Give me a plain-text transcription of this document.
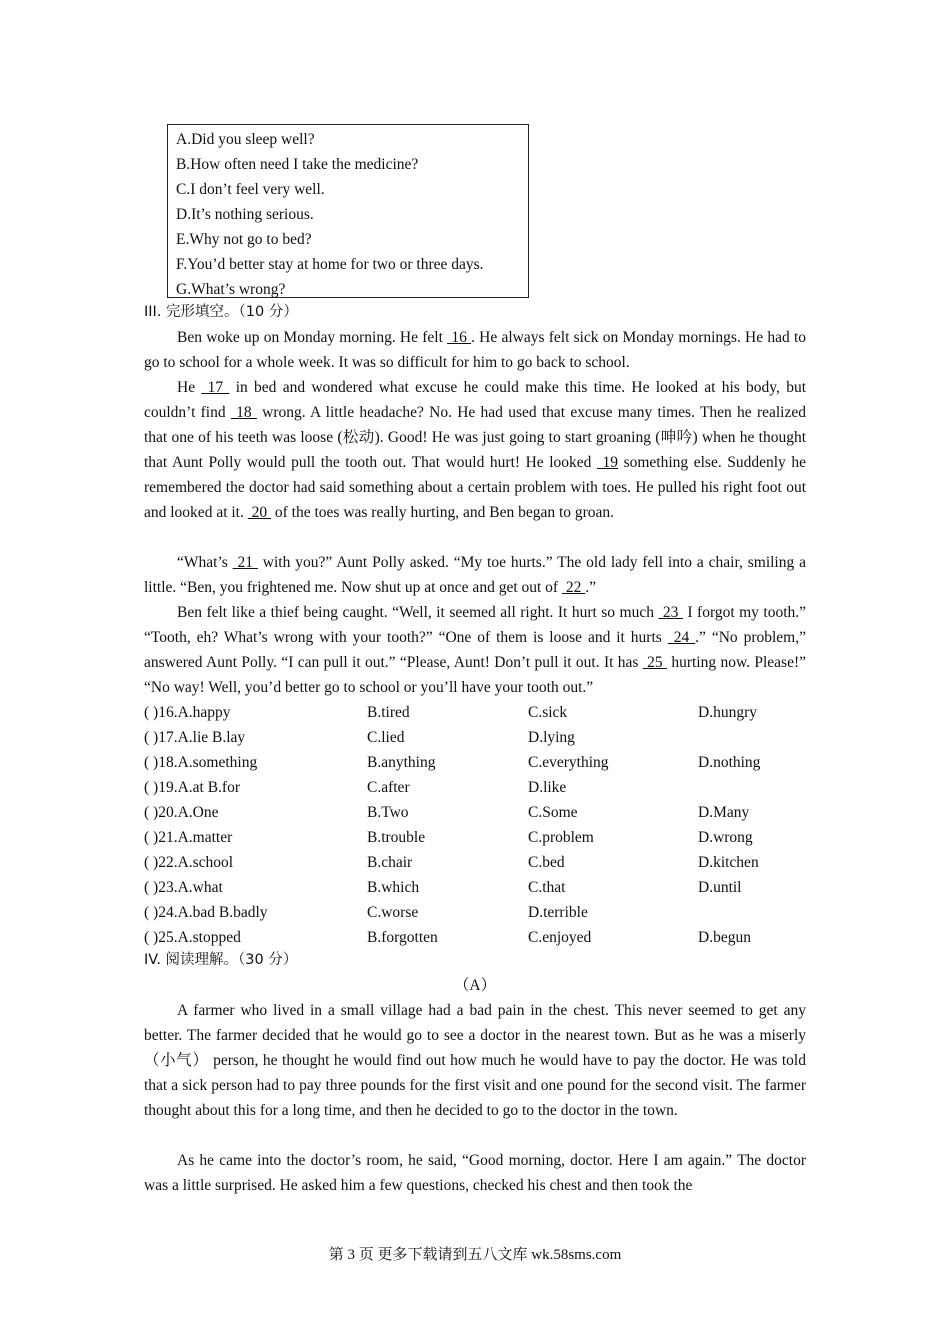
A.Did you sleep well?
B.How often need I take the medicine?
C.I don’t feel very well.
D.It’s nothing serious.
E.Why not go to bed?
F.You’d better stay at home for two or three days.
G.What’s wrong?
III. 完形填空。（10 分）

Ben woke up on Monday morning. He felt  16 . He always felt sick on Monday mornings. He had to go to school for a whole week. It was so difficult for him to go back to school.

He  17  in bed and wondered what excuse he could make this time. He looked at his body, but couldn’t find  18  wrong. A little headache? No. He had used that excuse many times. Then he realized that one of his teeth was loose (松动). Good! He was just going to start groaning (呻吟) when he thought that Aunt Polly would pull the tooth out. That would hurt! He looked  19 something else. Suddenly he remembered the doctor had said something about a certain problem with toes. He pulled his right foot out and looked at it.  20  of the toes was really hurting, and Ben began to groan.

“What’s  21  with you?” Aunt Polly asked. “My toe hurts.” The old lady fell into a chair, smiling a little. “Ben, you frightened me. Now shut up at once and get out of  22 .”

Ben felt like a thief being caught. “Well, it seemed all right. It hurt so much  23  I forgot my tooth.” “Tooth, eh? What’s wrong with your tooth?” “One of them is loose and it hurts  24 .” “No problem,” answered Aunt Polly. “I can pull it out.” “Please, Aunt! Don’t pull it out. It has  25  hurting now. Please!” “No way! Well, you’d better go to school or you’ll have your tooth out.”

( )16.A.happy	B.tired	C.sick	D.hungry
( )17.A.lie B.lay	C.lied	D.lying
( )18.A.something	B.anything	C.everything	D.nothing
( )19.A.at B.for	C.after	D.like
( )20.A.One	B.Two	C.Some	D.Many
( )21.A.matter	B.trouble	C.problem	D.wrong
( )22.A.school	B.chair	C.bed	D.kitchen
( )23.A.what	B.which	C.that	D.until
( )24.A.bad B.badly	C.worse	D.terrible
( )25.A.stopped	B.forgotten	C.enjoyed	D.begun
IV. 阅读理解。（30 分）
（A）

A farmer who lived in a small village had a bad pain in the chest. This never seemed to get any better. The farmer decided that he would go to see a doctor in the nearest town. But as he was a miserly（小气） person, he thought he would find out how much he would have to pay the doctor. He was told that a sick person had to pay three pounds for the first visit and one pound for the second visit. The farmer thought about this for a long time, and then he decided to go to the doctor in the town.

As he came into the doctor’s room, he said, “Good morning, doctor. Here I am again.” The doctor was a little surprised. He asked him a few questions, checked his chest and then took the

第 3 页 更多下载请到五八文库 wk.58sms.com
